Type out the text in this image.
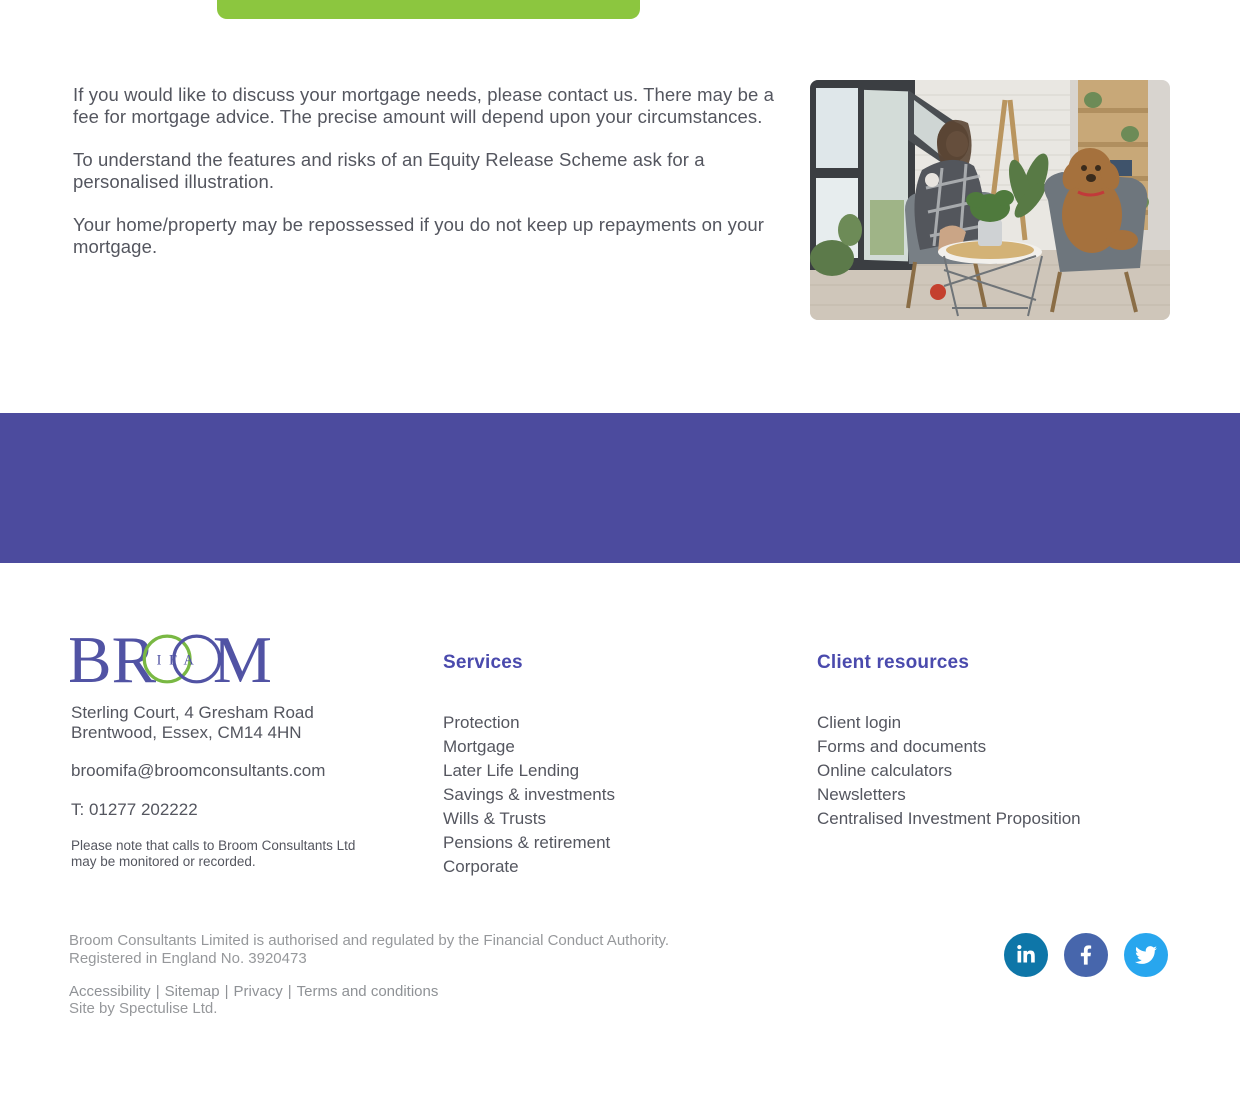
If you would like to discuss your mortgage needs, please contact us. There may be a fee for mortgage advice. The precise amount will depend upon your circumstances.

To understand the features and risks of an Equity Release Scheme ask for a personalised illustration.

Your home/property may be repossessed if you do not keep up repayments on your mortgage.

Find out how Broom can help you	Speak to a specialist
BR IFA M
Sterling Court, 4 Gresham Road
Brentwood, Essex, CM14 4HN
broomifa@broomconsultants.com
T: 01277 202222
Please note that calls to Broom Consultants Ltd
may be monitored or recorded.
Services
Protection
Mortgage
Later Life Lending
Savings & investments
Wills & Trusts
Pensions & retirement
Corporate
Client resources
Client login
Forms and documents
Online calculators
Newsletters
Centralised Investment Proposition
Broom Consultants Limited is authorised and regulated by the Financial Conduct Authority.
Registered in England No. 3920473
Accessibility | Sitemap | Privacy | Terms and conditions
Site by Spectulise Ltd.
